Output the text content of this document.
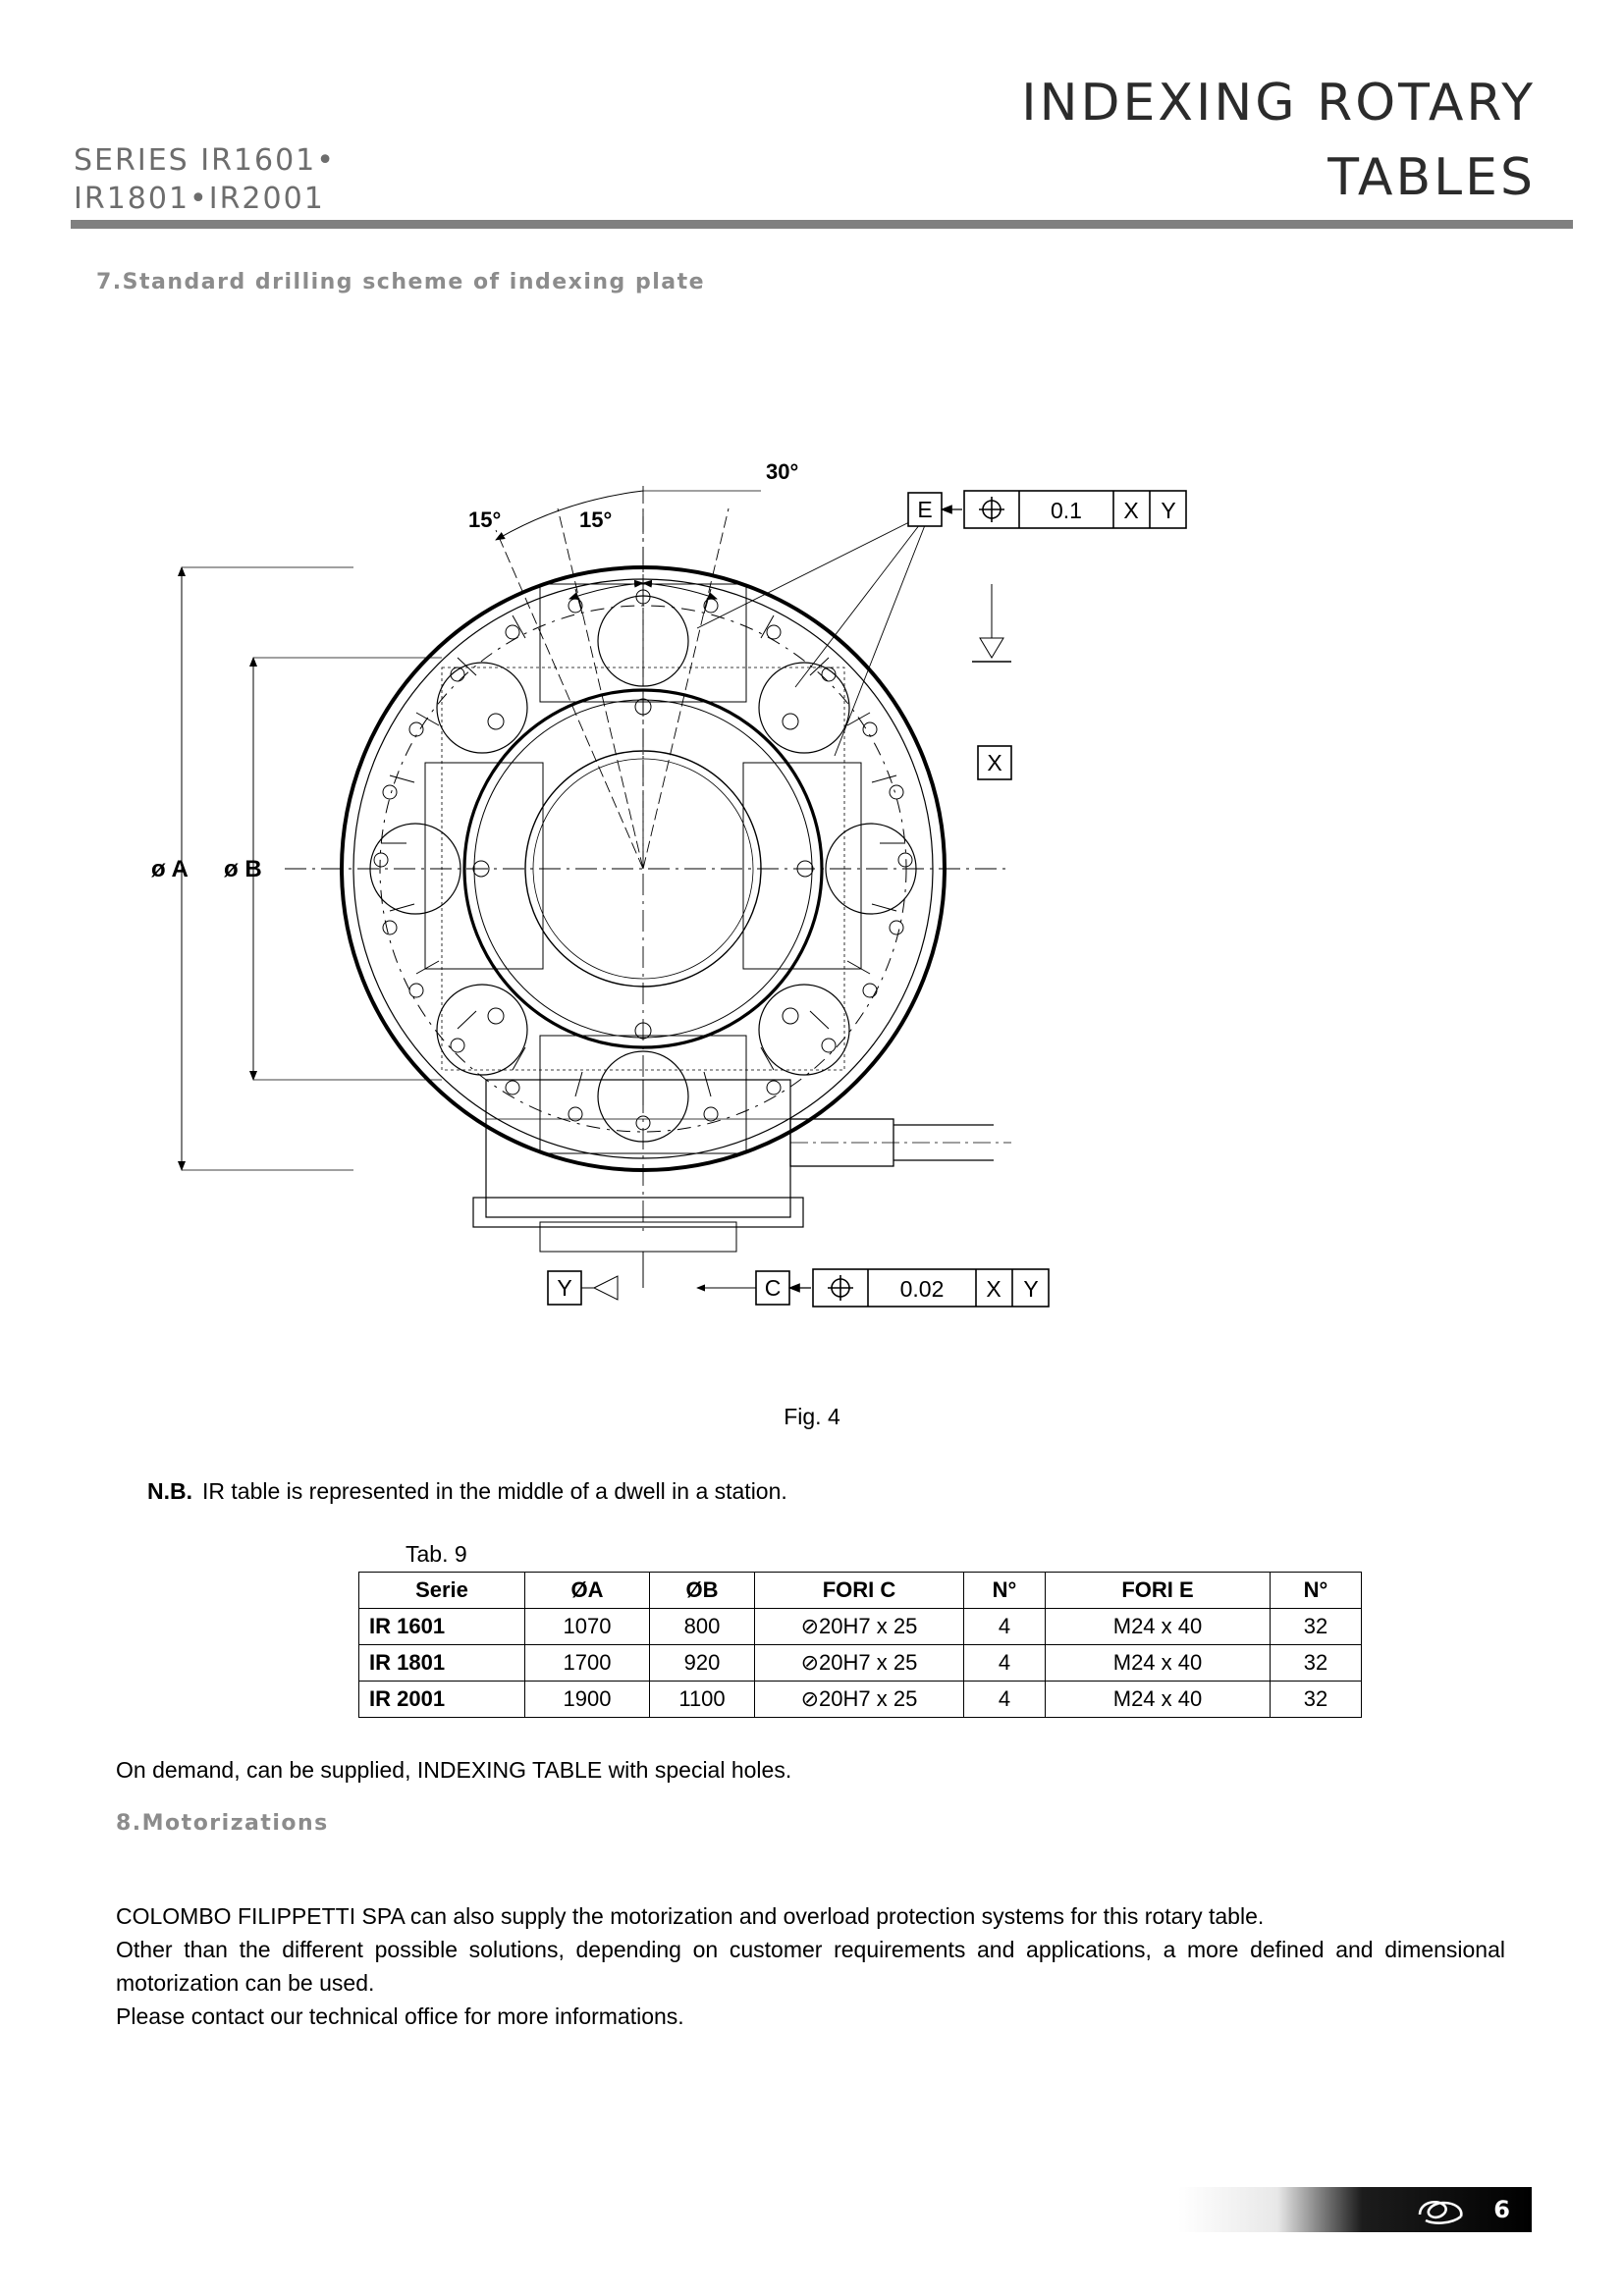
SERIES IR1601•
IR1801•IR2001
INDEXING ROTARY
TABLES
7.Standard drilling scheme of indexing plate
30°
15°	15°
ø A ø B
E
X
Y	C
0.1 X Y
0.02 X Y
Fig. 4
N.B. IR table is represented in the middle of a dwell in a station.
Tab. 9
Serie	ØA	ØB	FORI C	N°	FORI E	N°
IR 1601	1070	800	⊘20H7 x 25	4	M24 x 40	32
IR 1801	1700	920	⊘20H7 x 25	4	M24 x 40	32
IR 2001	1900	1100	⊘20H7 x 25	4	M24 x 40	32
On demand, can be supplied, INDEXING TABLE with special holes.
8.Motorizations

COLOMBO FILIPPETTI SPA can also supply the motorization and overload protection systems for this rotary table.

Other than the different possible solutions, depending on customer requirements and applications, a more defined and dimensional motorization can be used.

Please contact our technical office for more informations.

6
